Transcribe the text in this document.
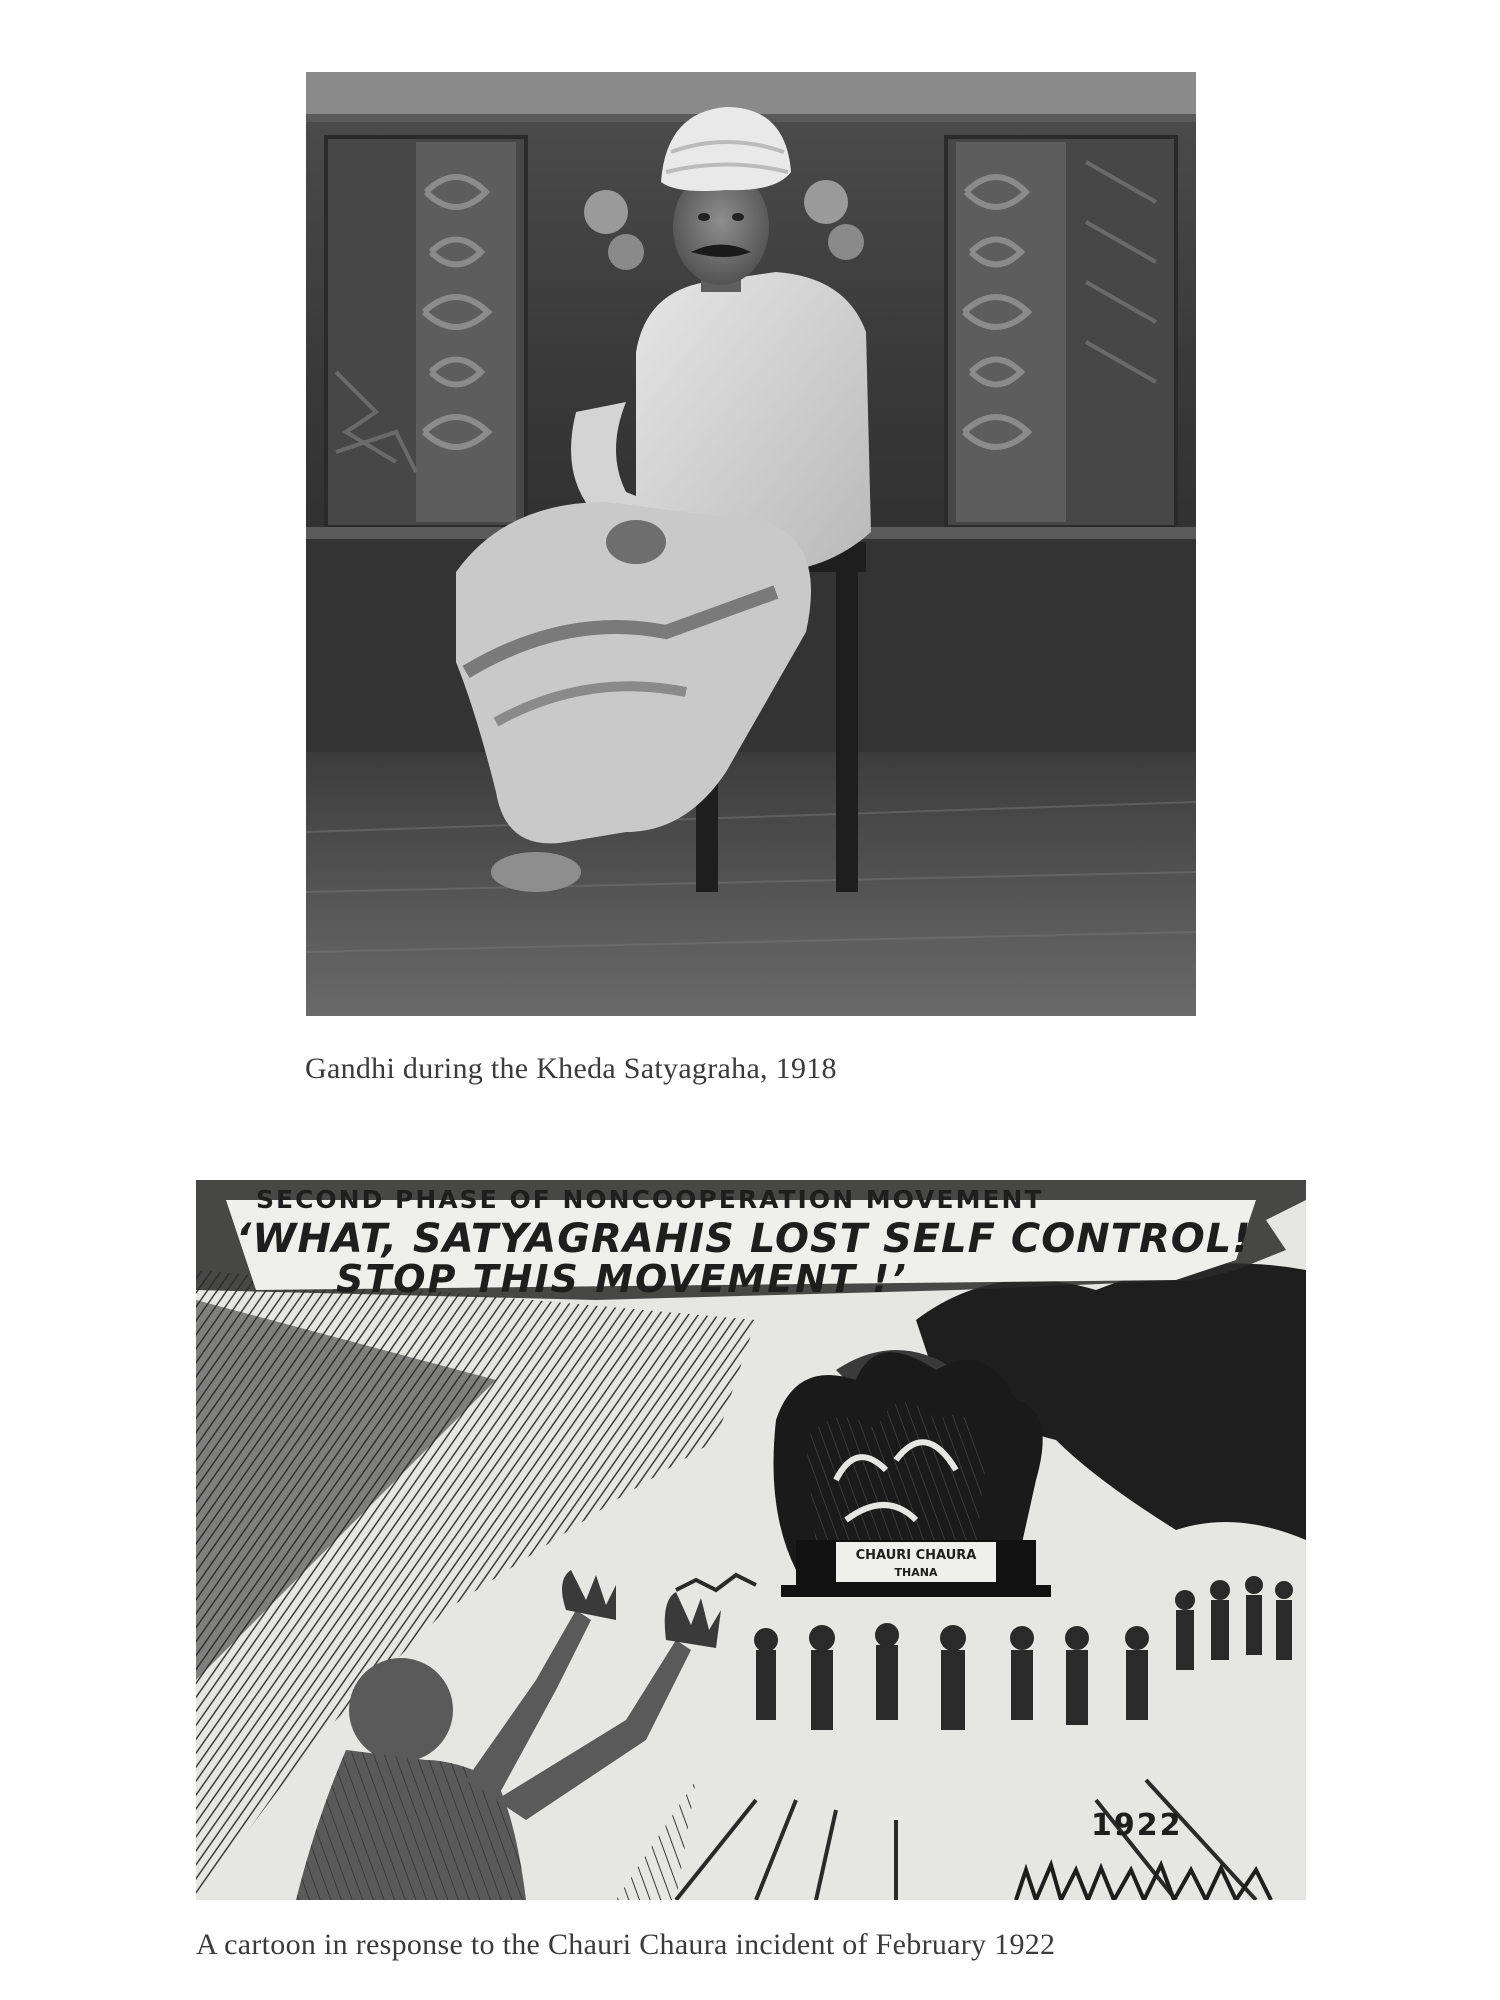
Gandhi during the Kheda Satyagraha, 1918
SECOND PHASE OF NONCOOPERATION MOVEMENT
‘WHAT, SATYAGRAHIS LOST SELF CONTROL!
STOP THIS MOVEMENT !’
CHAURI CHAURA
THANA
1922
A cartoon in response to the Chauri Chaura incident of February 1922
